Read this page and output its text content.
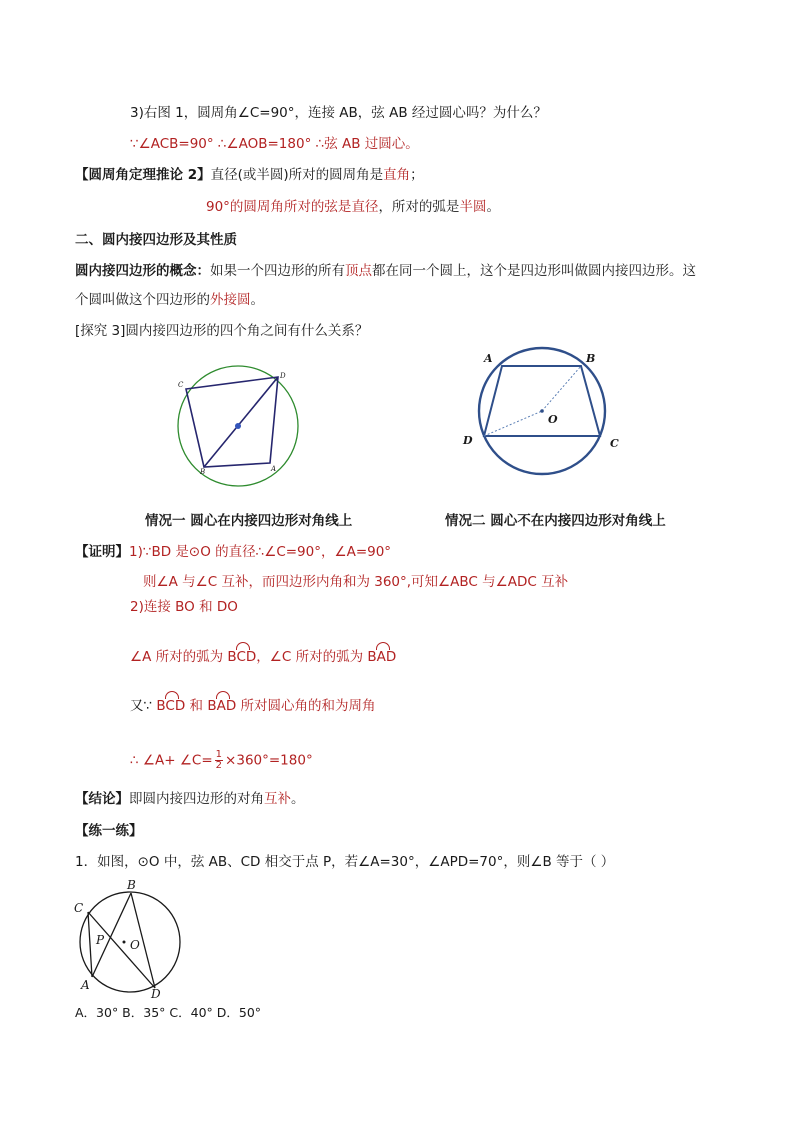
3)右图 1，圆周角∠C=90°，连接 AB，弦 AB 经过圆心吗？为什么？
∵∠ACB=90° ∴∠AOB=180° ∴弦 AB 过圆心。
【圆周角定理推论 2】直径(或半圆)所对的圆周角是直角；
90°的圆周角所对的弦是直径，所对的弧是半圆。
二、圆内接四边形及其性质
圆内接四边形的概念：如果一个四边形的所有顶点都在同一个圆上，这个是四边形叫做圆内接四边形。这
个圆叫做这个四边形的外接圆。
[探究 3]圆内接四边形的四个角之间有什么关系？
C
D
B	A
A	B
O
D	C
B
C
P O
A
D
情况一 圆心在内接四边形对角线上	情况二 圆心不在内接四边形对角线上
【证明】1)∵BD 是⊙O 的直径∴∠C=90°，∠A=90°
则∠A 与∠C 互补，而四边形内角和为 360°,可知∠ABC 与∠ADC 互补
2)连接 BO 和 DO
∠A 所对的弧为 BCD，∠C 所对的弧为 BAD
又∵ BCD 和 BAD 所对圆心角的和为周角
∴ ∠A+ ∠C= $\frac{1}{2} \times 360^\circ=180^\circ$
【结论】即圆内接四边形的对角互补。
【练一练】
1．如图，⊙O 中，弦 AB、CD 相交于点 P，若∠A=30°，∠APD=70°，则∠B 等于（ ）
A．30° B．35° C．40° D．50°
